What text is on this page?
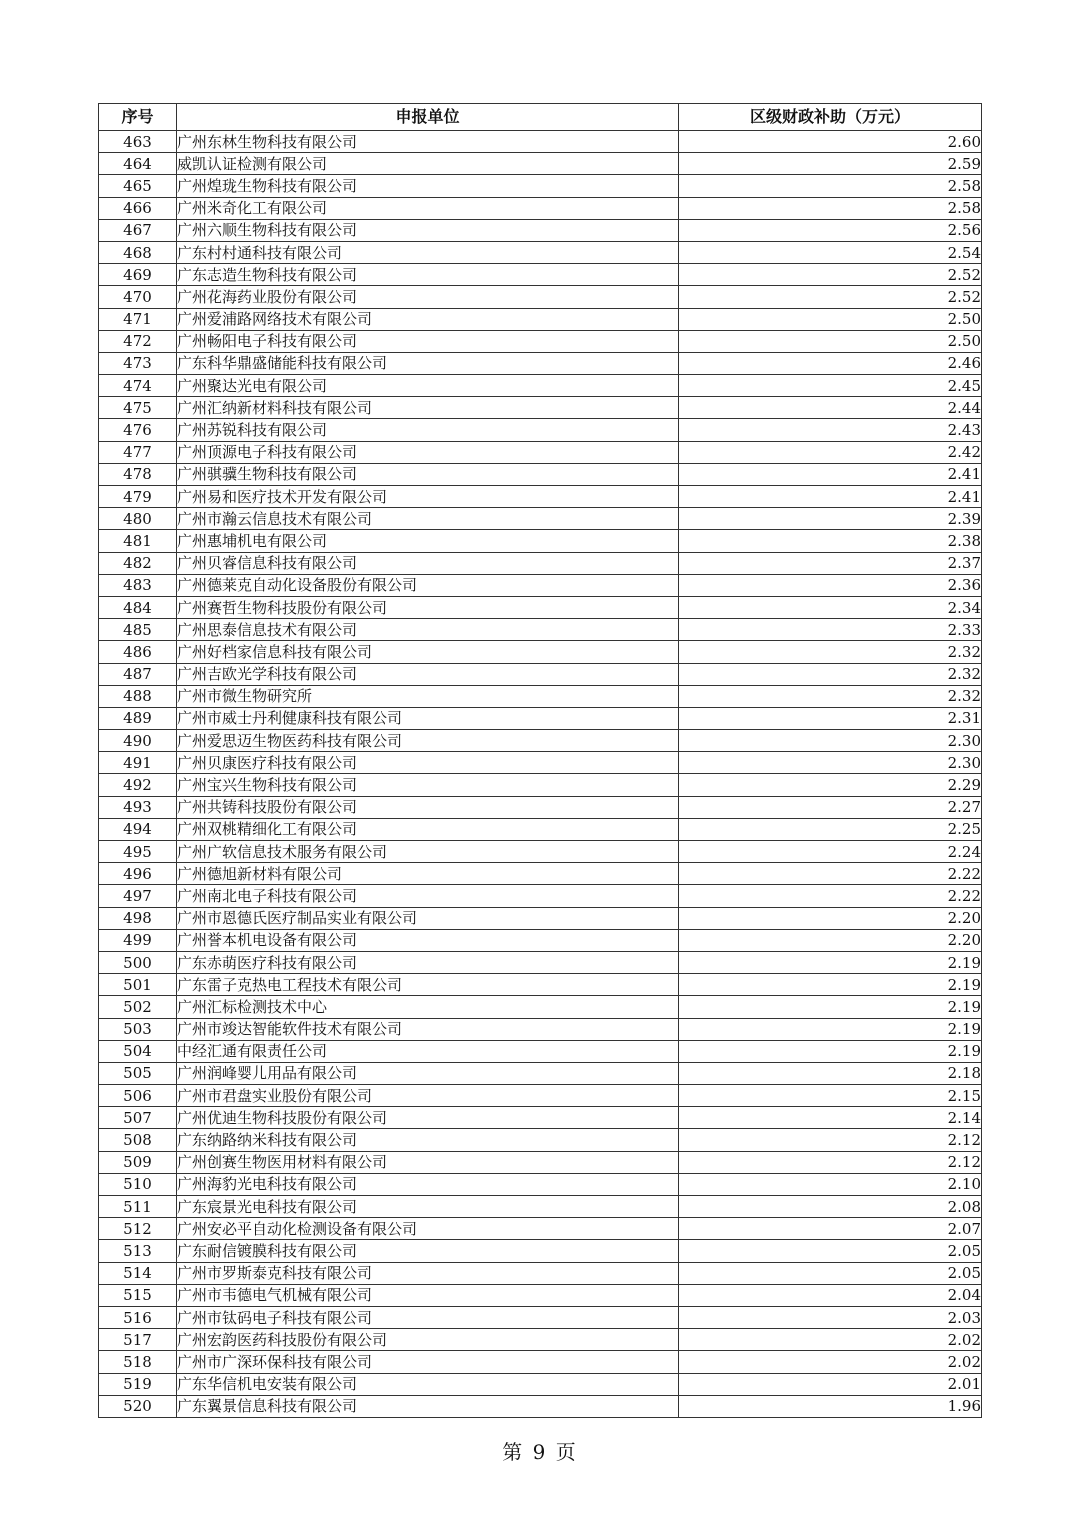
序号	申报单位	区级财政补助（万元）
463	广州东林生物科技有限公司	2.60
464	威凯认证检测有限公司	2.59
465	广州煌珑生物科技有限公司	2.58
466	广州米奇化工有限公司	2.58
467	广州六顺生物科技有限公司	2.56
468	广东村村通科技有限公司	2.54
469	广东志造生物科技有限公司	2.52
470	广州花海药业股份有限公司	2.52
471	广州爱浦路网络技术有限公司	2.50
472	广州畅阳电子科技有限公司	2.50
473	广东科华鼎盛储能科技有限公司	2.46
474	广州聚达光电有限公司	2.45
475	广州汇纳新材料科技有限公司	2.44
476	广州苏锐科技有限公司	2.43
477	广州顶源电子科技有限公司	2.42
478	广州骐骥生物科技有限公司	2.41
479	广州易和医疗技术开发有限公司	2.41
480	广州市瀚云信息技术有限公司	2.39
481	广州惠埔机电有限公司	2.38
482	广州贝睿信息科技有限公司	2.37
483	广州德莱克自动化设备股份有限公司	2.36
484	广州赛哲生物科技股份有限公司	2.34
485	广州思泰信息技术有限公司	2.33
486	广州好档家信息科技有限公司	2.32
487	广州吉欧光学科技有限公司	2.32
488	广州市微生物研究所	2.32
489	广州市威士丹利健康科技有限公司	2.31
490	广州爱思迈生物医药科技有限公司	2.30
491	广州贝康医疗科技有限公司	2.30
492	广州宝兴生物科技有限公司	2.29
493	广州共铸科技股份有限公司	2.27
494	广州双桃精细化工有限公司	2.25
495	广州广软信息技术服务有限公司	2.24
496	广州德旭新材料有限公司	2.22
497	广州南北电子科技有限公司	2.22
498	广州市恩德氏医疗制品实业有限公司	2.20
499	广州誉本机电设备有限公司	2.20
500	广东赤萌医疗科技有限公司	2.19
501	广东雷子克热电工程技术有限公司	2.19
502	广州汇标检测技术中心	2.19
503	广州市竣达智能软件技术有限公司	2.19
504	中经汇通有限责任公司	2.19
505	广州润峰婴儿用品有限公司	2.18
506	广州市君盘实业股份有限公司	2.15
507	广州优迪生物科技股份有限公司	2.14
508	广东纳路纳米科技有限公司	2.12
509	广州创赛生物医用材料有限公司	2.12
510	广州海豹光电科技有限公司	2.10
511	广东宸景光电科技有限公司	2.08
512	广州安必平自动化检测设备有限公司	2.07
513	广东耐信镀膜科技有限公司	2.05
514	广州市罗斯泰克科技有限公司	2.05
515	广州市韦德电气机械有限公司	2.04
516	广州市钛码电子科技有限公司	2.03
517	广州宏韵医药科技股份有限公司	2.02
518	广州市广深环保科技有限公司	2.02
519	广东华信机电安装有限公司	2.01
520	广东翼景信息科技有限公司	1.96
第 9 页
